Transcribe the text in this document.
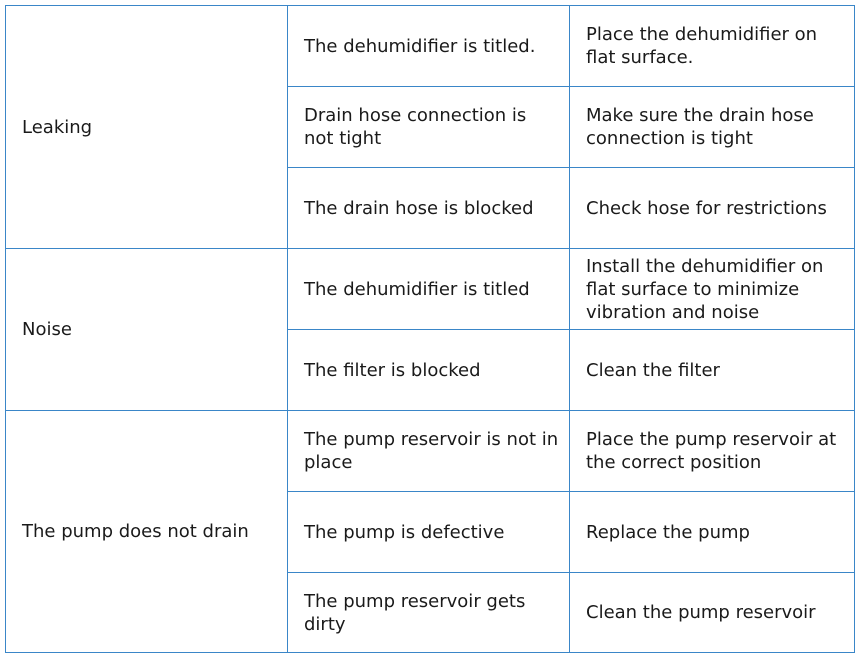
Leaking	The dehumidifier is titled.	Place the dehumidifier on flat surface.
	Drain hose connection is not tight	Make sure the drain hose connection is tight
	The drain hose is blocked	Check hose for restrictions
Noise	The dehumidifier is titled	Install the dehumidifier on flat surface to minimize vibration and noise
	The filter is blocked	Clean the filter
The pump does not drain	The pump reservoir is not in place	Place the pump reservoir at the correct position
	The pump is defective	Replace the pump
	The pump reservoir gets dirty	Clean the pump reservoir
